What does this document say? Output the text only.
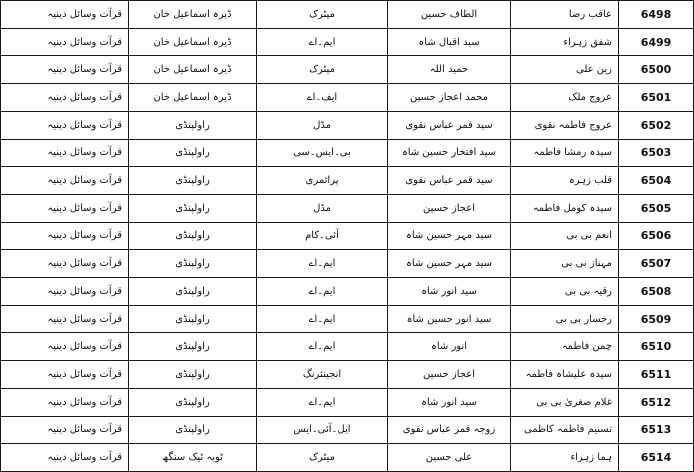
قرآت وسائل دینیہ	ڈیرہ اسماعیل خان	میٹرک	الطاف حسین	عاقب رضا	6498
قرآت وسائل دینیہ	ڈیرہ اسماعیل خان	ایم۔اے	سید اقبال شاہ	شفق زہراء	6499
قرآت وسائل دینیہ	ڈیرہ اسماعیل خان	میٹرک	حمید اللہ	زین علی	6500
قرآت وسائل دینیہ	ڈیرہ اسماعیل خان	ایف۔اے	محمد اعجاز حسین	عروج ملک	6501
قرآت وسائل دینیہ	راولپنڈی	مڈل	سید قمر عباس نقوی	عروج فاطمہ نقوی	6502
قرآت وسائل دینیہ	راولپنڈی	بی۔ایس۔سی	سید افتخار حسین شاہ	سیدہ رمشا فاطمہ	6503
قرآت وسائل دینیہ	راولپنڈی	پرائمری	سید قمر عباس نقوی	قلب زہرہ	6504
قرآت وسائل دینیہ	راولپنڈی	مڈل	اعجاز حسین	سیدہ کومل فاطمہ	6505
قرآت وسائل دینیہ	راولپنڈی	آئی۔کام	سید مہر حسین شاہ	انعم بی بی	6506
قرآت وسائل دینیہ	راولپنڈی	ایم۔اے	سید مہر حسین شاہ	مہناز بی بی	6507
قرآت وسائل دینیہ	راولپنڈی	ایم۔اے	سید انور شاہ	رقیہ بی بی	6508
قرآت وسائل دینیہ	راولپنڈی	ایم۔اے	سید انور حسین شاہ	رخسار بی بی	6509
قرآت وسائل دینیہ	راولپنڈی	ایم۔اے	انور شاہ	چمن فاطمہ	6510
قرآت وسائل دینیہ	راولپنڈی	انجینئرنگ	اعجاز حسین	سیدہ علیشاہ فاطمہ	6511
قرآت وسائل دینیہ	راولپنڈی	ایم۔اے	سید انور شاہ	غلام صغریٰ بی بی	6512
قرآت وسائل دینیہ	راولپنڈی	ایل۔آئی۔ایس	زوجہ قمر عباس نقوی	تسنیم فاطمہ کاظمی	6513
قرآت وسائل دینیہ	ٹوبہ ٹیک سنگھ	میٹرک	علی حسین	ہما زہراء	6514
